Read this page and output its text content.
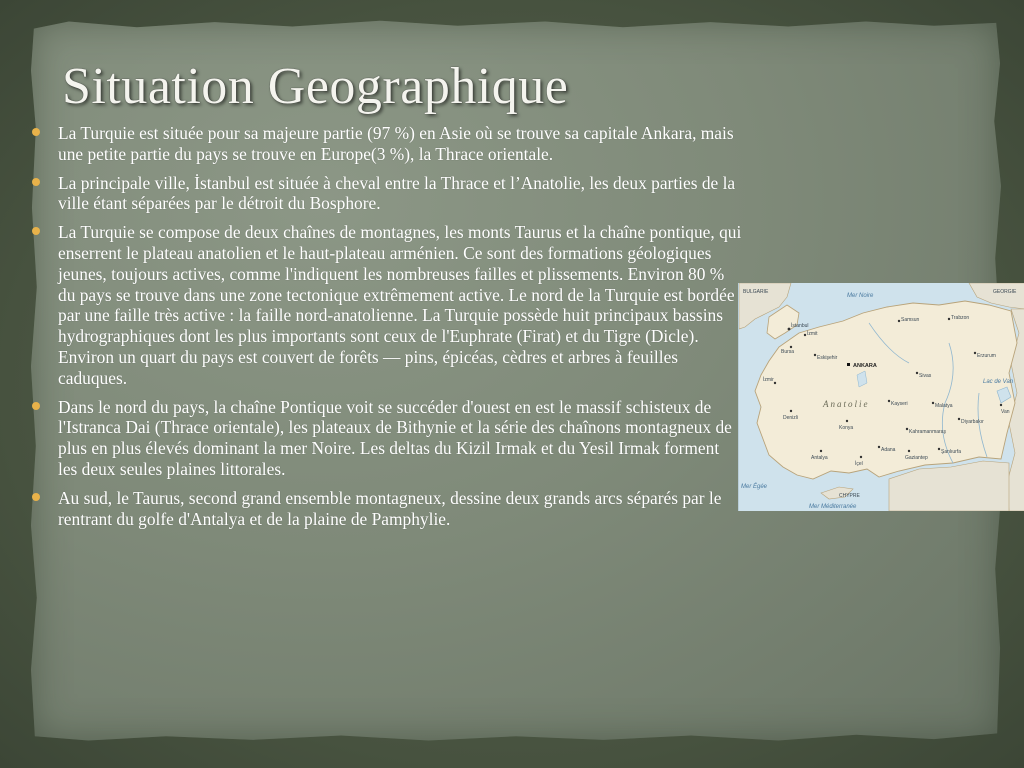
Situation Geographique
La Turquie est située pour sa majeure partie (97 %) en Asie où se trouve sa capitale Ankara, mais une petite partie du pays se trouve en Europe(3 %), la Thrace orientale.
La principale ville, İstanbul est située à cheval entre la Thrace et l’Anatolie, les deux parties de la ville étant séparées par le détroit du Bosphore.
La Turquie se compose de deux chaînes de montagnes, les monts Taurus et la chaîne pontique, qui enserrent le plateau anatolien et le haut-plateau arménien. Ce sont des formations géologiques jeunes, toujours actives, comme l'indiquent les nombreuses failles et plissements. Environ 80 % du pays se trouve dans une zone tectonique extrêmement active. Le nord de la Turquie est bordée par une faille très active : la faille nord-anatolienne. La Turquie possède huit principaux bassins hydrographiques dont les plus importants sont ceux de l'Euphrate (Firat) et du Tigre (Dicle). Environ un quart du pays est couvert de forêts — pins, épicéas, cèdres et arbres à feuilles caduques.
Dans le nord du pays, la chaîne Pontique voit se succéder d'ouest en est le massif schisteux de l'Istranca Dai (Thrace orientale), les plateaux de Bithynie et la série des chaînons montagneux de plus en plus élevés dominant la mer Noire. Les deltas du Kizil Irmak et du Yesil Irmak forment les deux seules plaines littorales.
Au sud, le Taurus, second grand ensemble montagneux, dessine deux grands arcs séparés par le rentrant du golfe d'Antalya et de la plaine de Pamphylie.
Mer Noire
Mer Égée
Mer Méditerranée
Lac de Van
Anatolie
ANKARA
BULGARIE	GEORGIE
CHYPRE
İstanbul
İzmit
Bursa
Eskişehir
Samsun
Sivas
Kayseri
Konya
Antalya
Adana
İçel
Gaziantep
Diyarbakır
Malatya
Erzurum
Van
İzmir
Denizli
Trabzon
Kahramanmaraş
Şanlıurfa
